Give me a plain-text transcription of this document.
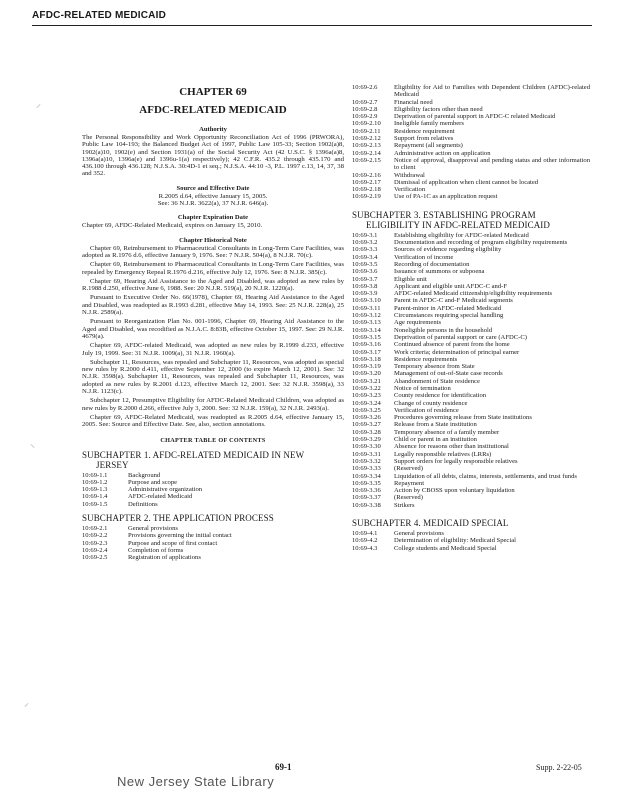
AFDC-RELATED MEDICAID
⸝
⸜
⸝
CHAPTER 69
AFDC-RELATED MEDICAID
Authority
The Personal Responsibility and Work Opportunity Reconciliation Act of 1996 (PRWORA), Public Law 104-193; the Balanced Budget Act of 1997, Public Law 105-33; Section 1902(a)8, 1902(a)10, 1902(e) and Section 1931(a) of the Social Security Act (42 U.S.C. § 1396a(a)8, 1396a(a)10, 1396a(e) and 1396u-1(a) respectively); 42 C.F.R. 435.2 through 435.170 and 436.100 through 436.128; N.J.S.A. 30:4D-1 et seq.; N.J.S.A. 44:10 -3, P.L. 1997 c.13, 14, 37, 38 and 352.
Source and Effective Date
R.2005 d.64, effective January 15, 2005.
See: 36 N.J.R. 3622(a), 37 N.J.R. 646(a).
Chapter Expiration Date
Chapter 69, AFDC-Related Medicaid, expires on January 15, 2010.
Chapter Historical Note
Chapter 69, Reimbursement to Pharmaceutical Consultants in Long-Term Care Facilities, was adopted as R.1976 d.6, effective January 9, 1976. See: 7 N.J.R. 504(a), 8 N.J.R. 70(c).
Chapter 69, Reimbursement to Pharmaceutical Consultants in Long-Term Care Facilities, was repealed by Emergency Repeal R.1976 d.216, effective July 12, 1976. See: 8 N.J.R. 385(c).
Chapter 69, Hearing Aid Assistance to the Aged and Disabled, was adopted as new rules by R.1988 d.250, effective June 6, 1988. See: 20 N.J.R. 519(a), 20 N.J.R. 1220(a).
Pursuant to Executive Order No. 66(1978), Chapter 69, Hearing Aid Assistance to the Aged and Disabled, was readopted as R.1993 d.281, effective May 14, 1993. See: 25 N.J.R. 228(a), 25 N.J.R. 2589(a).
Pursuant to Reorganization Plan No. 001-1996, Chapter 69, Hearing Aid Assistance to the Aged and Disabled, was recodified as N.J.A.C. 8:83B, effective October 15, 1997. See: 29 N.J.R. 4679(a).
Chapter 69, AFDC-related Medicaid, was adopted as new rules by R.1999 d.233, effective July 19, 1999. See: 31 N.J.R. 1009(a), 31 N.J.R. 1960(a).
Subchapter 11, Resources, was repealed and Subchapter 11, Resources, was adopted as special new rules by R.2000 d.411, effective September 12, 2000 (to expire March 12, 2001). See: 32 N.J.R. 3598(a). Subchapter 11, Resources, was repealed and Subchapter 11, Resources, was adopted as new rules by R.2001 d.123, effective March 12, 2001. See: 32 N.J.R. 3598(a), 33 N.J.R. 1123(c).
Subchapter 12, Presumptive Eligibility for AFDC-Related Medicaid Children, was adopted as new rules by R.2000 d.266, effective July 3, 2000. See: 32 N.J.R. 159(a), 32 N.J.R. 2493(a).
Chapter 69, AFDC-Related Medicaid, was readopted as R.2005 d.64, effective January 15, 2005. See: Source and Effective Date. See, also, section annotations.
CHAPTER TABLE OF CONTENTS
SUBCHAPTER 1. AFDC-RELATED MEDICAID IN NEW
JERSEY
10:69-1.1	Background
10:69-1.2	Purpose and scope
10:69-1.3	Administrative organization
10:69-1.4	AFDC-related Medicaid
10:69-1.5	Definitions
SUBCHAPTER 2. THE APPLICATION PROCESS
10:69-2.1	General provisions
10:69-2.2	Provisions governing the initial contact
10:69-2.3	Purpose and scope of first contact
10:69-2.4	Completion of forms
10:69-2.5	Registration of applications
10:69-2.6	Eligibility for Aid to Families with Dependent Children (AFDC)-related Medicaid
10:69-2.7	Financial need
10:69-2.8	Eligibility factors other than need
10:69-2.9	Deprivation of parental support in AFDC-C related Medicaid
10:69-2.10	Ineligible family members
10:69-2.11	Residence requirement
10:69-2.12	Support from relatives
10:69-2.13	Repayment (all segments)
10:69-2.14	Administrative action on application
10:69-2.15	Notice of approval, disapproval and pending status and other information to client
10:69-2.16	Withdrawal
10:69-2.17	Dismissal of application when client cannot be located
10:69-2.18	Verification
10:69-2.19	Use of PA-1C as an application request
SUBCHAPTER 3. ESTABLISHING PROGRAM
ELIGIBILITY IN AFDC-RELATED MEDICAID
10:69-3.1	Establishing eligibility for AFDC-related Medicaid
10:69-3.2	Documentation and recording of program eligibility requirements
10:69-3.3	Sources of evidence regarding eligibility
10:69-3.4	Verification of income
10:69-3.5	Recording of documentation
10:69-3.6	Issuance of summons or subpoena
10:69-3.7	Eligible unit
10:69-3.8	Applicant and eligible unit AFDC-C and-F
10:69-3.9	AFDC-related Medicaid citizenship/eligibility requirements
10:69-3.10	Parent in AFDC-C and-F Medicaid segments
10:69-3.11	Parent-minor in AFDC-related Medicaid
10:69-3.12	Circumstances requiring special handling
10:69-3.13	Age requirements
10:69-3.14	Noneligible persons in the household
10:69-3.15	Deprivation of parental support or care (AFDC-C)
10:69-3.16	Continued absence of parent from the home
10:69-3.17	Work criteria; determination of principal earner
10:69-3.18	Residence requirements
10:69-3.19	Temporary absence from State
10:69-3.20	Management of out-of-State case records
10:69-3.21	Abandonment of State residence
10:69-3.22	Notice of termination
10:69-3.23	County residence for identification
10:69-3.24	Change of county residence
10:69-3.25	Verification of residence
10:69-3.26	Procedures governing release from State institutions
10:69-3.27	Release from a State institution
10:69-3.28	Temporary absence of a family member
10:69-3.29	Child or parent in an institution
10:69-3.30	Absence for reasons other than institutional
10:69-3.31	Legally responsible relatives (LRRs)
10:69-3.32	Support orders for legally responsible relatives
10:69-3.33	(Reserved)
10:69-3.34	Liquidation of all debts, claims, interests, settlements, and trust funds
10:69-3.35	Repayment
10:69-3.36	Action by CBOSS upon voluntary liquidation
10:69-3.37	(Reserved)
10:69-3.38	Strikers
SUBCHAPTER 4. MEDICAID SPECIAL
10:69-4.1	General provisions
10:69-4.2	Determination of eligibility: Medicaid Special
10:69-4.3	College students and Medicaid Special
69-1	Supp. 2-22-05
New Jersey State Library
